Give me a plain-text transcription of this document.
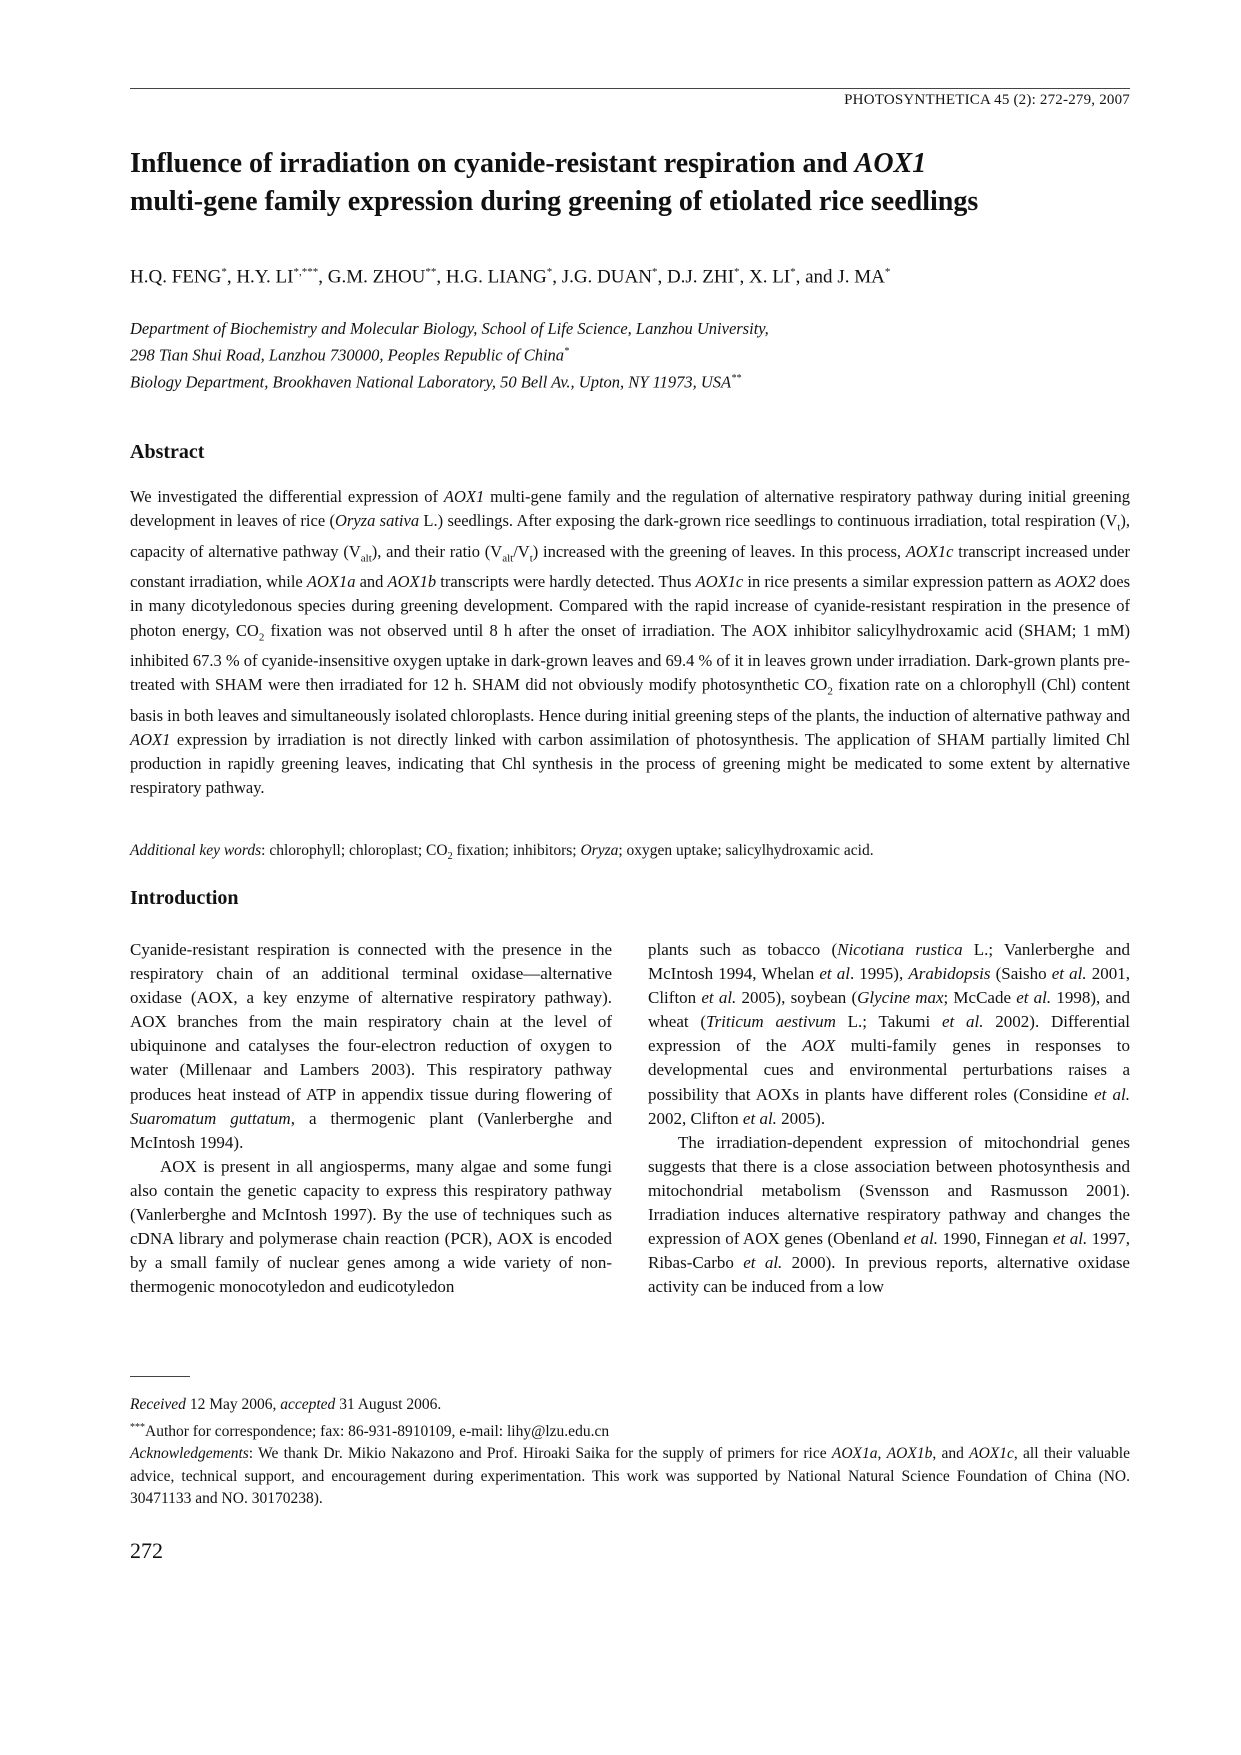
PHOTOSYNTHETICA 45 (2): 272-279, 2007
Influence of irradiation on cyanide-resistant respiration and AOX1
multi-gene family expression during greening of etiolated rice seedlings
H.Q. FENG*, H.Y. LI*,***, G.M. ZHOU**, H.G. LIANG*, J.G. DUAN*, D.J. ZHI*, X. LI*, and J. MA*
Department of Biochemistry and Molecular Biology, School of Life Science, Lanzhou University,
298 Tian Shui Road, Lanzhou 730000, Peoples Republic of China*
Biology Department, Brookhaven National Laboratory, 50 Bell Av., Upton, NY 11973, USA**
Abstract

We investigated the differential expression of AOX1 multi-gene family and the regulation of alternative respiratory pathway during initial greening development in leaves of rice (Oryza sativa L.) seedlings. After exposing the dark-grown rice seedlings to continuous irradiation, total respiration $(V_t)$, capacity of alternative pathway $(V_{alt})$, and their ratio $(V_{alt}/V_t)$ increased with the greening of leaves. In this process, AOX1c transcript increased under constant irradiation, while AOX1a and AOX1b transcripts were hardly detected. Thus AOX1c in rice presents a similar expression pattern as AOX2 does in many dicotyledonous species during greening development. Compared with the rapid increase of cyanide-resistant respiration in the presence of photon energy, $CO_2$ fixation was not observed until 8 h after the onset of irradiation. The AOX inhibitor salicylhydroxamic acid (SHAM; 1 mM) inhibited 67.3 % of cyanide-insensitive oxygen uptake in dark-grown leaves and 69.4 % of it in leaves grown under irradiation. Dark-grown plants pre-treated with SHAM were then irradiated for 12 h. SHAM did not obviously modify photosynthetic $CO_2$ fixation rate on a chlorophyll (Chl) content basis in both leaves and simultaneously isolated chloroplasts. Hence during initial greening steps of the plants, the induction of alternative pathway and AOX1 expression by irradiation is not directly linked with carbon assimilation of photosynthesis. The application of SHAM partially limited Chl production in rapidly greening leaves, indicating that Chl synthesis in the process of greening might be medicated to some extent by alternative respiratory pathway.

Additional key words: chlorophyll; chloroplast; $CO_2$ fixation; inhibitors; Oryza; oxygen uptake; salicylhydroxamic acid.

Introduction

Cyanide-resistant respiration is connected with the presence in the respiratory chain of an additional terminal oxidase—alternative oxidase (AOX, a key enzyme of alternative respiratory pathway). AOX branches from the main respiratory chain at the level of ubiquinone and catalyses the four-electron reduction of oxygen to water (Millenaar and Lambers 2003). This respiratory pathway produces heat instead of ATP in appendix tissue during flowering of Suaromatum guttatum, a thermogenic plant (Vanlerberghe and McIntosh 1994).

AOX is present in all angiosperms, many algae and some fungi also contain the genetic capacity to express this respiratory pathway (Vanlerberghe and McIntosh 1997). By the use of techniques such as cDNA library and polymerase chain reaction (PCR), AOX is encoded by a small family of nuclear genes among a wide variety of non-thermogenic monocotyledon and eudicotyledon

plants such as tobacco (Nicotiana rustica L.; Vanlerberghe and McIntosh 1994, Whelan et al. 1995), Arabidopsis (Saisho et al. 2001, Clifton et al. 2005), soybean (Glycine max; McCade et al. 1998), and wheat (Triticum aestivum L.; Takumi et al. 2002). Differential expression of the AOX multi-family genes in responses to developmental cues and environmental perturbations raises a possibility that AOXs in plants have different roles (Considine et al. 2002, Clifton et al. 2005).

The irradiation-dependent expression of mitochondrial genes suggests that there is a close association between photosynthesis and mitochondrial metabolism (Svensson and Rasmusson 2001). Irradiation induces alternative respiratory pathway and changes the expression of AOX genes (Obenland et al. 1990, Finnegan et al. 1997, Ribas-Carbo et al. 2000). In previous reports, alternative oxidase activity can be induced from a low

Received 12 May 2006, accepted 31 August 2006.

***Author for correspondence; fax: 86-931-8910109, e-mail: lihy@lzu.edu.cn

Acknowledgements: We thank Dr. Mikio Nakazono and Prof. Hiroaki Saika for the supply of primers for rice AOX1a, AOX1b, and AOX1c, all their valuable advice, technical support, and encouragement during experimentation. This work was supported by National Natural Science Foundation of China (NO. 30471133 and NO. 30170238).

272
